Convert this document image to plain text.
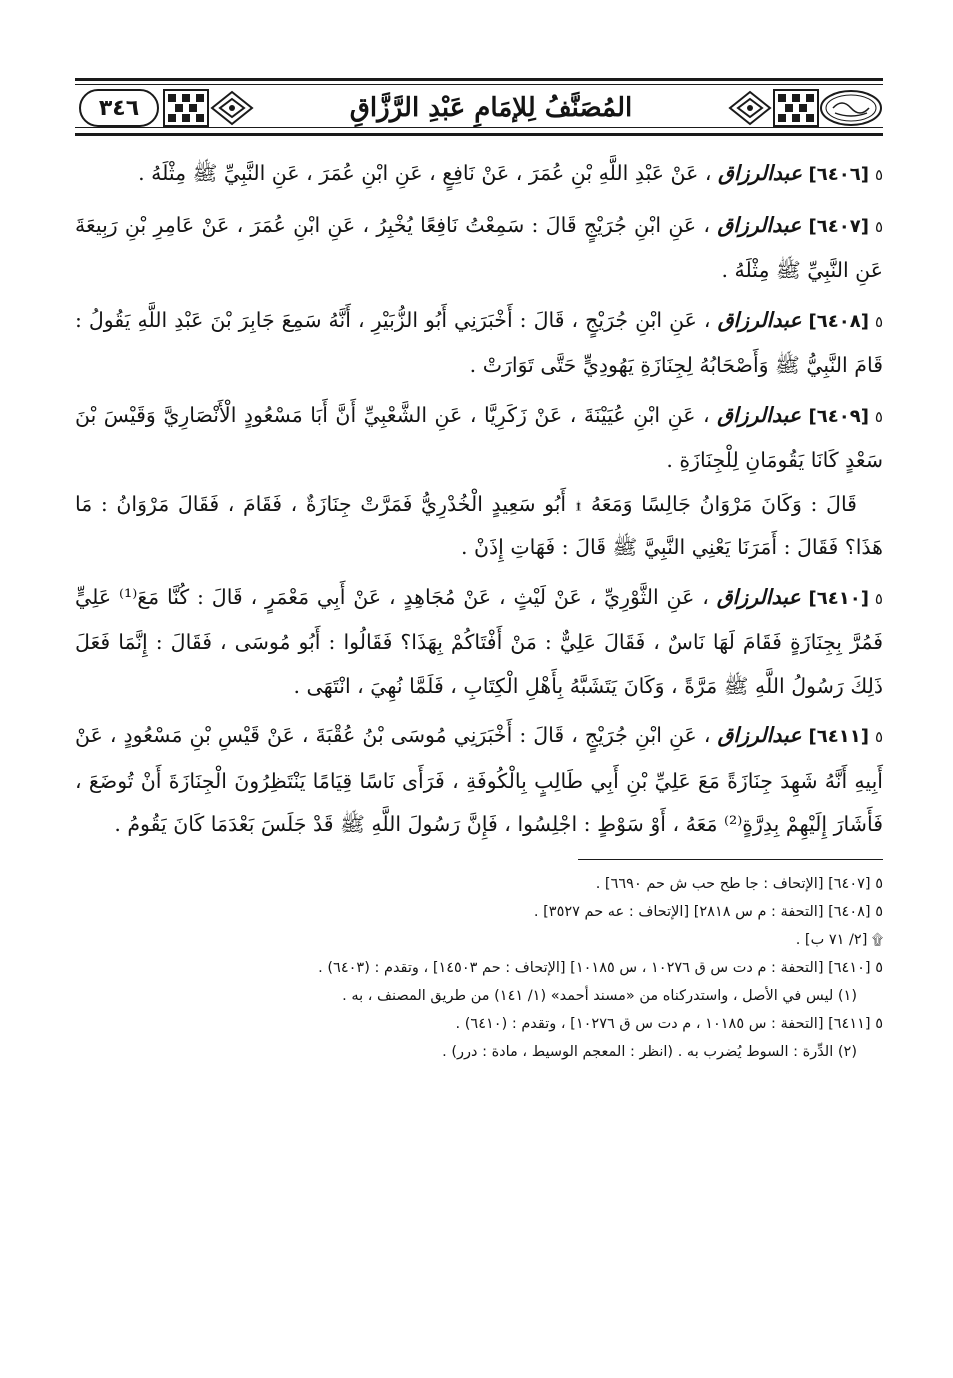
٣٤٦	المُصَنَّفُ لِلإمَامِ عَبْدِ الرَّزَّاقِ

٥[٦٤٠٦] عبدالرزاق ، عَنْ عَبْدِ اللَّهِ بْنِ عُمَرَ ، عَنْ نَافِعٍ ، عَنِ ابْنِ عُمَرَ ، عَنِ النَّبِيِّ ﷺ مِثْلَهُ .

٥[٦٤٠٧] عبدالرزاق ، عَنِ ابْنِ جُرَيْجٍ قَالَ : سَمِعْتُ نَافِعًا يُخْبِرُ ، عَنِ ابْنِ عُمَرَ ، عَنْ عَامِرِ بْنِ رَبِيعَةَ عَنِ النَّبِيِّ ﷺ مِثْلَهُ .

٥[٦٤٠٨] عبدالرزاق ، عَنِ ابْنِ جُرَيْجٍ ، قَالَ : أَخْبَرَنِي أَبُو الزُّبَيْرِ ، أَنَّهُ سَمِعَ جَابِرَ بْنَ عَبْدِ اللَّهِ يَقُولُ : قَامَ النَّبِيُّ ﷺ وَأَصْحَابُهُ لِجِنَازَةِ يَهُودِيٍّ حَتَّى تَوَارَتْ .

٥[٦٤٠٩] عبدالرزاق ، عَنِ ابْنِ عُيَيْنَةَ ، عَنْ زَكَرِيَّا ، عَنِ الشَّعْبِيِّ أَنَّ أَبَا مَسْعُودٍ الْأَنْصَارِيَّ وَقَيْسَ بْنَ سَعْدٍ كَانَا يَقُومَانِ لِلْجِنَازَةِ .

قَالَ : وَكَانَ مَرْوَانُ جَالِسًا وَمَعَهُ ۩ أَبُو سَعِيدٍ الْخُدْرِيُّ فَمَرَّتْ جِنَازَةٌ ، فَقَامَ ، فَقَالَ مَرْوَانُ : مَا هَذَا؟ فَقَالَ : أَمَرَنَا يَعْنِي النَّبِيَّ ﷺ قَالَ : فَهَاتِ إِذَنْ .

٥[٦٤١٠] عبدالرزاق ، عَنِ الثَّوْرِيِّ ، عَنْ لَيْثٍ ، عَنْ مُجَاهِدٍ ، عَنْ أَبِي مَعْمَرٍ ، قَالَ : كُنَّا مَعَ⁽¹⁾ عَلِيٍّ فَمُرَّ بِجِنَازَةٍ فَقَامَ لَهَا نَاسٌ ، فَقَالَ عَلِيٌّ : مَنْ أَفْتَاكُمْ بِهَذَا؟ فَقَالُوا : أَبُو مُوسَى ، فَقَالَ : إِنَّمَا فَعَلَ ذَلِكَ رَسُولُ اللَّهِ ﷺ مَرَّةً ، وَكَانَ يَتَشَبَّهُ بِأَهْلِ الْكِتَابِ ، فَلَمَّا نُهِيَ ، انْتَهَى .

٥[٦٤١١] عبدالرزاق ، عَنِ ابْنِ جُرَيْجٍ ، قَالَ : أَخْبَرَنِي مُوسَى بْنُ عُقْبَةَ ، عَنْ قَيْسِ بْنِ مَسْعُودٍ ، عَنْ أَبِيهِ أَنَّهُ شَهِدَ جِنَازَةً مَعَ عَلِيِّ بْنِ أَبِي طَالِبٍ بِالْكُوفَةِ ، فَرَأَى نَاسًا قِيَامًا يَنْتَظِرُونَ الْجِنَازَةَ أَنْ تُوضَعَ ، فَأَشَارَ إِلَيْهِمْ بِدِرَّةٍ⁽²⁾ مَعَهُ ، أَوْ سَوْطٍ : اجْلِسُوا ، فَإِنَّ رَسُولَ اللَّهِ ﷺ قَدْ جَلَسَ بَعْدَمَا كَانَ يَقُومُ .

٥ [٦٤٠٧] [الإتحاف : جا طح حب ش حم ٦٦٩٠] .
٥ [٦٤٠٨] [التحفة : م س ٢٨١٨] [الإتحاف : عه حم ٣٥٢٧] .
۩ [٢/ ٧١ ب] .
٥ [٦٤١٠] [التحفة : م دت س ق ١٠٢٧٦ ، س ١٠١٨٥] [الإتحاف : حم ١٤٥٠٣] ، وتقدم : (٦٤٠٣) .
(١) ليس في الأصل ، واستدركناه من «مسند أحمد» (١/ ١٤١) من طريق المصنف ، به .
٥ [٦٤١١] [التحفة : س ١٠١٨٥ ، م دت س ق ١٠٢٧٦] ، وتقدم : (٦٤١٠) .
(٢) الدِّرة : السوط يُضرب به . (انظر : المعجم الوسيط ، مادة : درر) .
